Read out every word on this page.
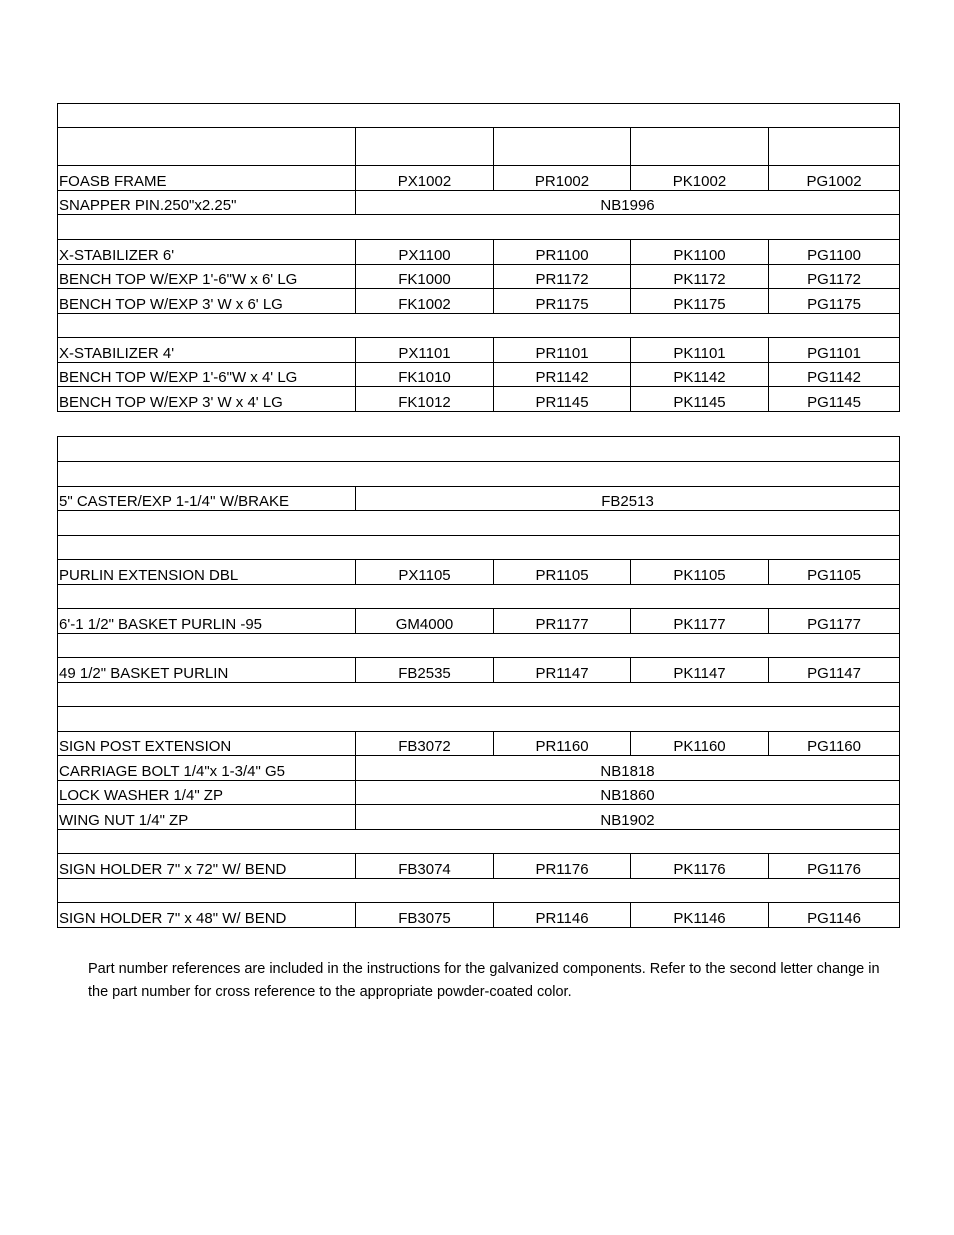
FOASB FRAME	PX1002	PR1002	PK1002	PG1002
SNAPPER PIN.250"x2.25"	NB1996			

X-STABILIZER 6'	PX1100	PR1100	PK1100	PG1100
BENCH TOP W/EXP 1'-6"W x 6' LG	FK1000	PR1172	PK1172	PG1172
BENCH TOP W/EXP 3' W x 6' LG	FK1002	PR1175	PK1175	PG1175

X-STABILIZER 4'	PX1101	PR1101	PK1101	PG1101
BENCH TOP W/EXP 1'-6"W x 4' LG	FK1010	PR1142	PK1142	PG1142
BENCH TOP W/EXP 3' W x 4' LG	FK1012	PR1145	PK1145	PG1145

5" CASTER/EXP 1-1/4'' W/BRAKE	FB2513			

PURLIN EXTENSION DBL	PX1105	PR1105	PK1105	PG1105

6'-1 1/2" BASKET PURLIN -95	GM4000	PR1177	PK1177	PG1177

49 1/2" BASKET PURLIN	FB2535	PR1147	PK1147	PG1147

SIGN POST EXTENSION	FB3072	PR1160	PK1160	PG1160
CARRIAGE BOLT 1/4"x 1-3/4" G5	NB1818			
LOCK WASHER 1/4" ZP	NB1860			
WING NUT 1/4" ZP	NB1902			

SIGN HOLDER 7" x 72" W/ BEND	FB3074	PR1176	PK1176	PG1176

SIGN HOLDER 7" x 48" W/ BEND	FB3075	PR1146	PK1146	PG1146

Part number references are included in the instructions for the galvanized components. Refer to the second letter change in the part number for cross reference to the appropriate powder-coated color.
